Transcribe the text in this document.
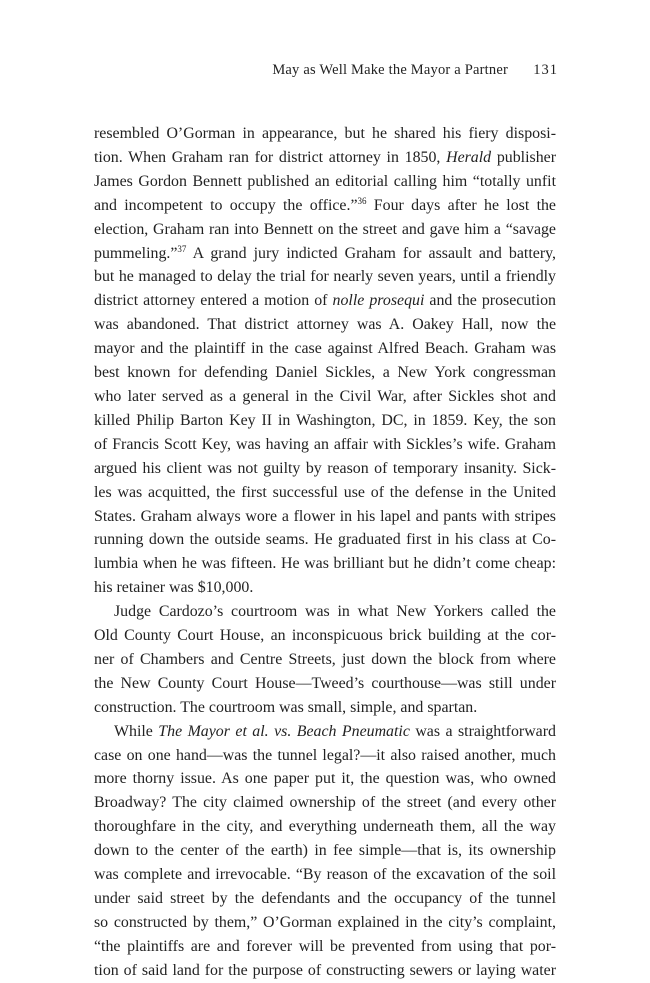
May as Well Make the Mayor a Partner 131
resembled O’Gorman in appearance, but he shared his fiery disposi-
tion. When Graham ran for district attorney in 1850, Herald publisher
James Gordon Bennett published an editorial calling him “totally unfit
and incompetent to occupy the office.”$^{36}$ Four days after he lost the
election, Graham ran into Bennett on the street and gave him a “savage
pummeling.”$^{37}$ A grand jury indicted Graham for assault and battery,
but he managed to delay the trial for nearly seven years, until a friendly
district attorney entered a motion of nolle prosequi and the prosecution
was abandoned. That district attorney was A. Oakey Hall, now the
mayor and the plaintiff in the case against Alfred Beach. Graham was
best known for defending Daniel Sickles, a New York congressman
who later served as a general in the Civil War, after Sickles shot and
killed Philip Barton Key II in Washington, DC, in 1859. Key, the son
of Francis Scott Key, was having an affair with Sickles’s wife. Graham
argued his client was not guilty by reason of temporary insanity. Sick-
les was acquitted, the first successful use of the defense in the United
States. Graham always wore a flower in his lapel and pants with stripes
running down the outside seams. He graduated first in his class at Co-
lumbia when he was fifteen. He was brilliant but he didn’t come cheap:
his retainer was $10,000.
Judge Cardozo’s courtroom was in what New Yorkers called the
Old County Court House, an inconspicuous brick building at the cor-
ner of Chambers and Centre Streets, just down the block from where
the New County Court House—Tweed’s courthouse—was still under
construction. The courtroom was small, simple, and spartan.
While The Mayor et al. vs. Beach Pneumatic was a straightforward
case on one hand—was the tunnel legal?—it also raised another, much
more thorny issue. As one paper put it, the question was, who owned
Broadway? The city claimed ownership of the street (and every other
thoroughfare in the city, and everything underneath them, all the way
down to the center of the earth) in fee simple—that is, its ownership
was complete and irrevocable. “By reason of the excavation of the soil
under said street by the defendants and the occupancy of the tunnel
so constructed by them,” O’Gorman explained in the city’s complaint,
“the plaintiffs are and forever will be prevented from using that por-
tion of said land for the purpose of constructing sewers or laying water
